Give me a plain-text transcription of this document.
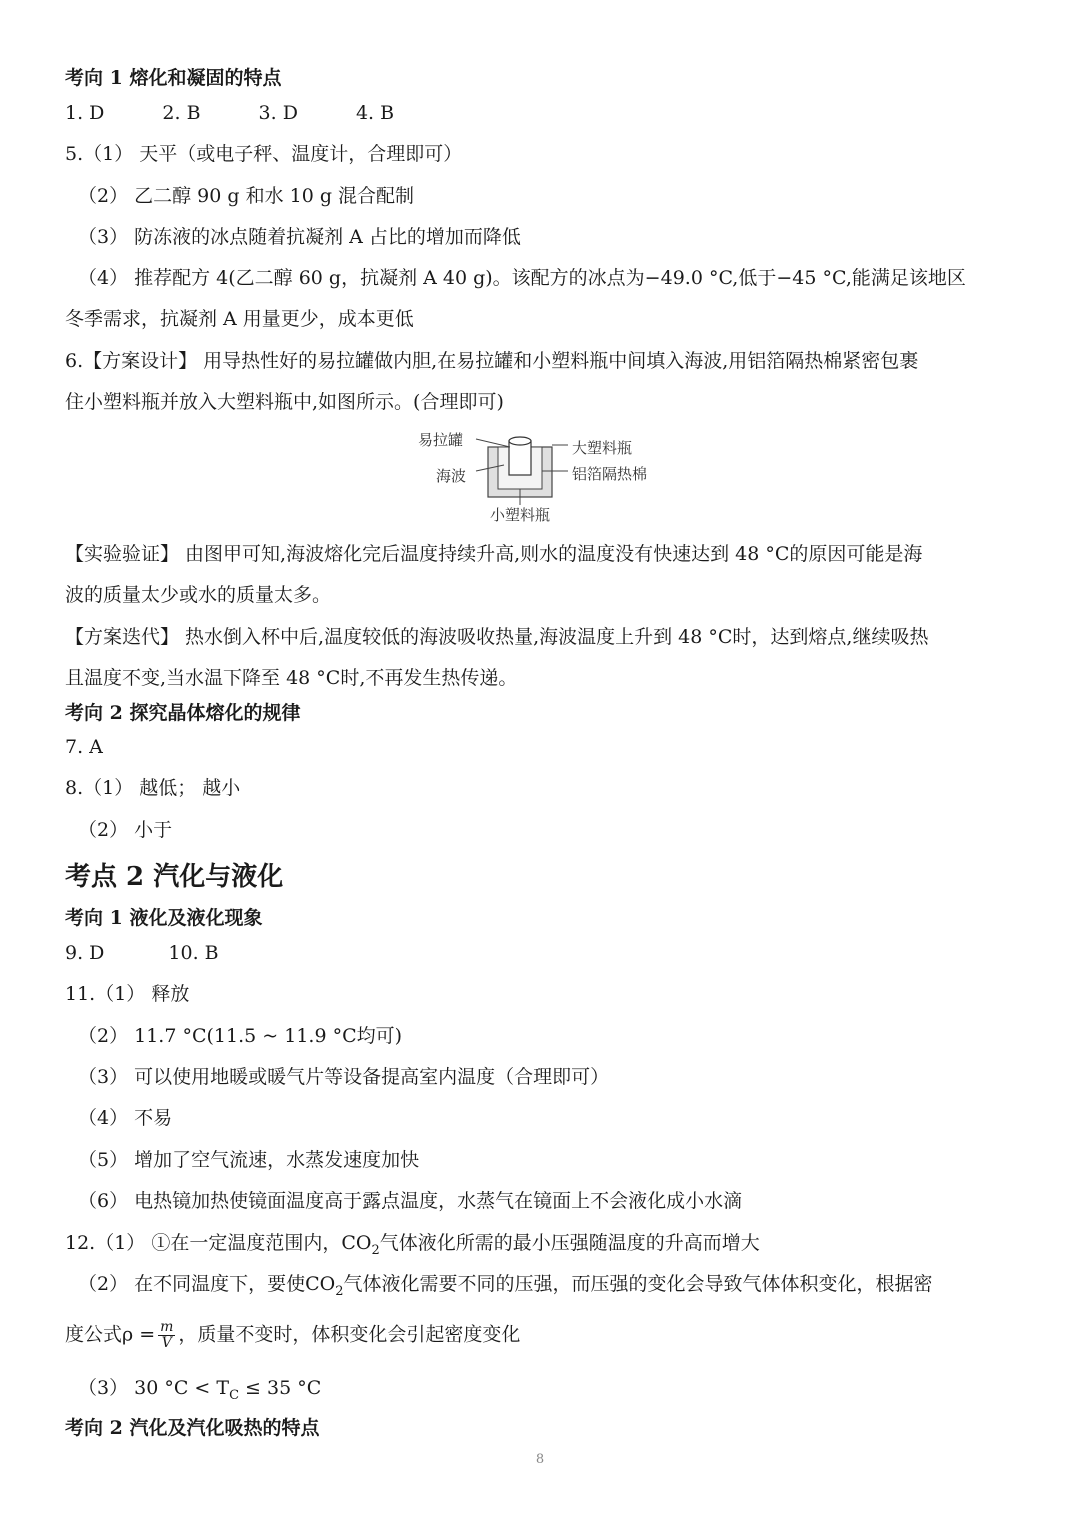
考向 1 熔化和凝固的特点
1. D	2. B	3. D	4. B
5.（1） 天平（或电子秤、温度计，合理即可）
（2） 乙二醇 90 g 和水 10 g 混合配制
（3） 防冻液的冰点随着抗凝剂 A 占比的增加而降低
（4） 推荐配方 4(乙二醇 60 g，抗凝剂 A 40 g)。该配方的冰点为−49.0 °C,低于−45 °C,能满足该地区
冬季需求，抗凝剂 A 用量更少，成本更低
6.【方案设计】 用导热性好的易拉罐做内胆,在易拉罐和小塑料瓶中间填入海波,用铝箔隔热棉紧密包裹
住小塑料瓶并放入大塑料瓶中,如图所示。(合理即可)
易拉罐
海波
大塑料瓶
铝箔隔热棉
小塑料瓶
【实验验证】 由图甲可知,海波熔化完后温度持续升高,则水的温度没有快速达到 48 °C的原因可能是海
波的质量太少或水的质量太多。
【方案迭代】 热水倒入杯中后,温度较低的海波吸收热量,海波温度上升到 48 °C时，达到熔点,继续吸热
且温度不变,当水温下降至 48 °C时,不再发生热传递。
考向 2 探究晶体熔化的规律
7. A
8.（1） 越低； 越小
（2） 小于
考点 2 汽化与液化
考向 1 液化及液化现象
9. D	10. B
11.（1） 释放
（2） 11.7 °C(11.5 ~ 11.9 °C均可)
（3） 可以使用地暖或暖气片等设备提高室内温度（合理即可）
（4） 不易
（5） 增加了空气流速，水蒸发速度加快
（6） 电热镜加热使镜面温度高于露点温度，水蒸气在镜面上不会液化成小水滴
12.（1） ①在一定温度范围内，$CO_2$气体液化所需的最小压强随温度的升高而增大
（2） 在不同温度下，要使$CO_2$气体液化需要不同的压强，而压强的变化会导致气体体积变化，根据密
度公式$\rho = \frac{m}{V}$ ，质量不变时，体积变化会引起密度变化
（3） 30 $^\circ C < T_C \le 35$ °C
考向 2 汽化及汽化吸热的特点
8
